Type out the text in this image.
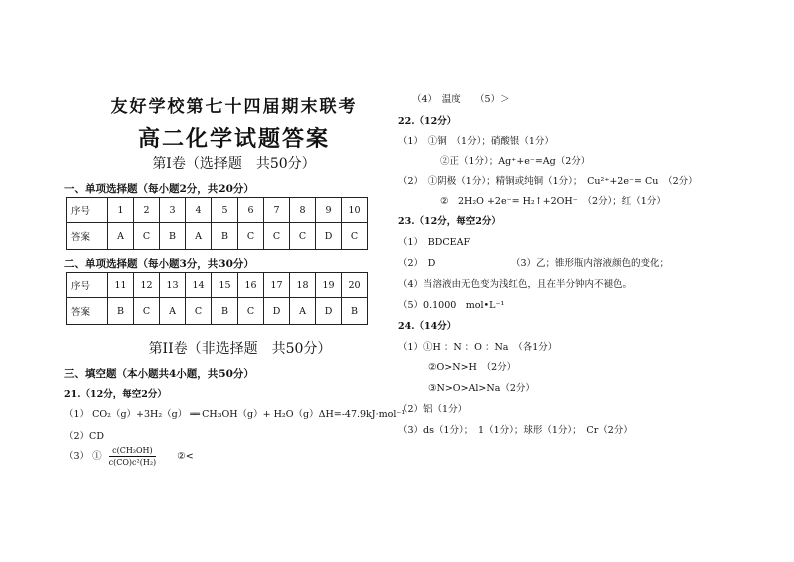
友好学校第七十四届期末联考
高二化学试题答案
第Ⅰ卷（选择题　共50分）
一、单项选择题（每小题2分，共20分）
序号	1	2	3	4	5	6	7	8	9	10
答案	A	C	B	A	B	C	C	C	D	C
二、单项选择题（每小题3分，共30分）
序号	11	12	13	14	15	16	17	18	19	20
答案	B	C	A	C	B	C	D	A	D	B
第II卷（非选择题　共50分）
三、填空题（本小题共4小题，共50分）
21.（12分，每空2分）
（1） CO₂（g）+3H₂（g） ══ CH₃OH（g）+ H₂O（g）ΔH=-47.9kJ·mol⁻¹
（2）CD
（3） ① $\frac{\text{c(CH₃OH)}}{\text{c(CO)c²(H₂)}}$ ②<
（4）　温度　　（5）＞
22.（12分）
（1）　①铜　（1分）；硝酸银（1分）
②正（1分）；Ag⁺+e⁻=Ag（2分）
（2）　①阴极（1分）；精铜或纯铜（1分）；　Cu²⁺+2e⁻= Cu　（2分）
②　2H₂O +2e⁻= H₂↑+2OH⁻　（2分）；红（1分）
23.（12分，每空2分）
（1）　BDCEAF
（2）　D	（3）乙；锥形瓶内溶液颜色的变化；
（4）当溶液由无色变为浅红色，且在半分钟内不褪色。
（5）0.1000　mol•L⁻¹
24.（14分）
（1）①H ：N ：O ：Na　（各1分）
②O>N>H　（2分）
③N>O>Al>Na（2分）
（2）铝（1分）
（3）ds（1分）；　1（1分）；球形（1分）；　Cr（2分）
